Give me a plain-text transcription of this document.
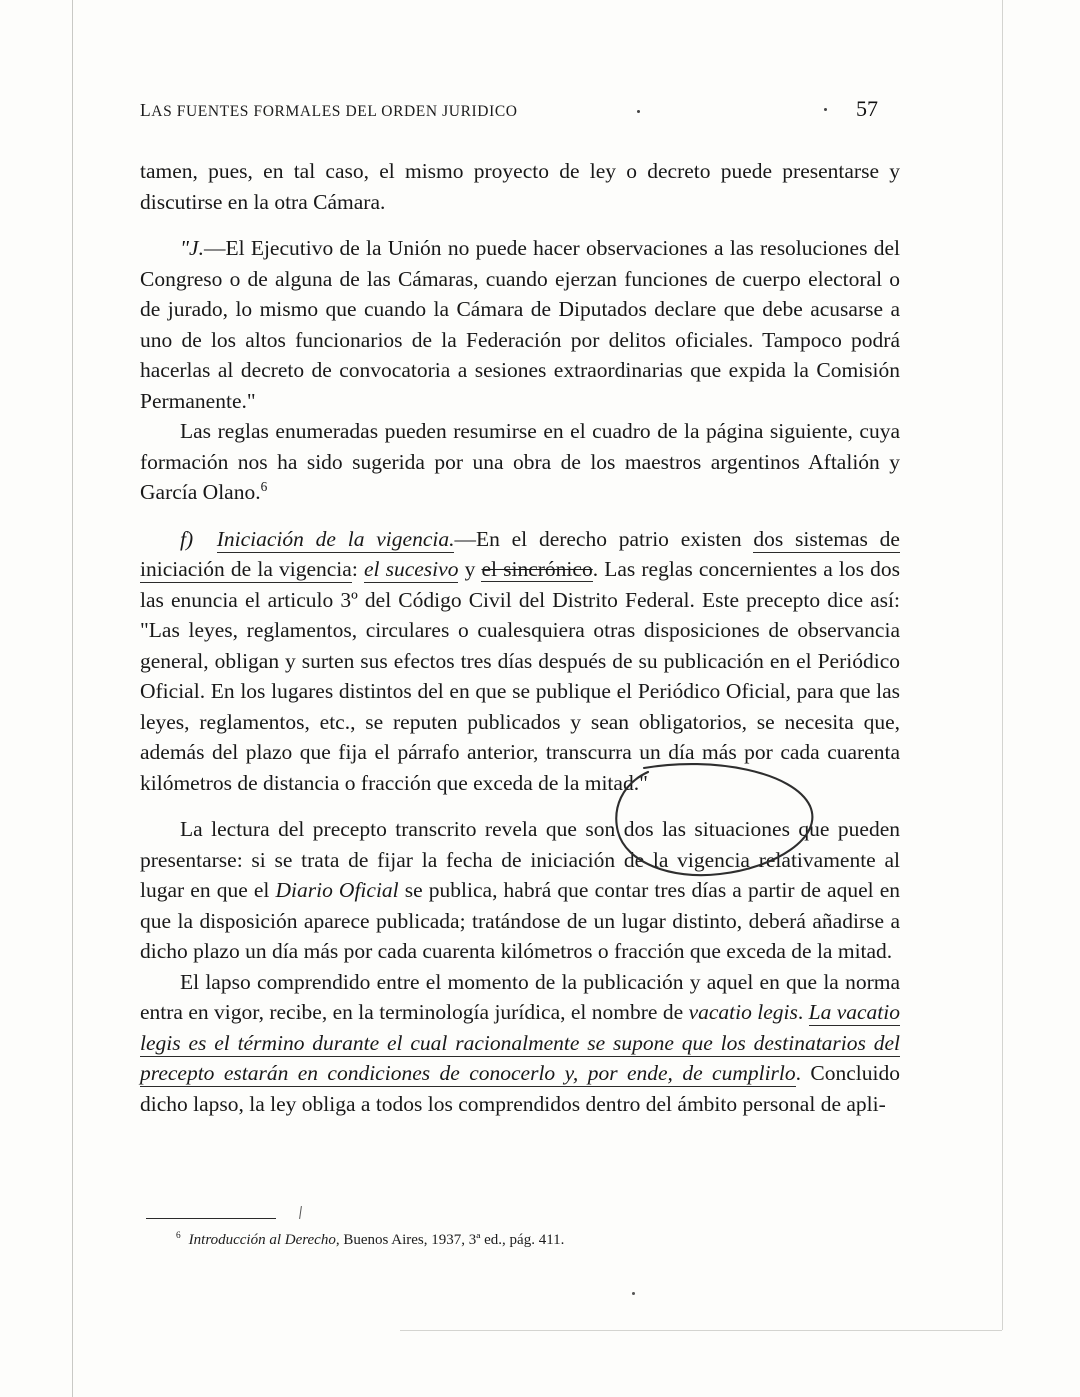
LAS FUENTES FORMALES DEL ORDEN JURIDICO	57

tamen, pues, en tal caso, el mismo proyecto de ley o decreto puede presentarse y discutirse en la otra Cámara.

"J.—El Ejecutivo de la Unión no puede hacer observaciones a las resoluciones del Congreso o de alguna de las Cámaras, cuando ejerzan funciones de cuerpo electoral o de jurado, lo mismo que cuando la Cámara de Diputados declare que debe acusarse a uno de los altos funcionarios de la Federación por delitos oficiales. Tampoco podrá hacerlas al decreto de convocatoria a sesiones extraordinarias que expida la Comisión Permanente."

Las reglas enumeradas pueden resumirse en el cuadro de la página siguiente, cuya formación nos ha sido sugerida por una obra de los maestros argentinos Aftalión y García Olano.$^6$

f) Iniciación de la vigencia.—En el derecho patrio existen dos sistemas de iniciación de la vigencia: el sucesivo y el sincrónico. Las reglas concernientes a los dos las enuncia el articulo 3º del Código Civil del Distrito Federal. Este precepto dice así: "Las leyes, reglamentos, circulares o cualesquiera otras disposiciones de observancia general, obligan y surten sus efectos tres días después de su publicación en el Periódico Oficial. En los lugares distintos del en que se publique el Periódico Oficial, para que las leyes, reglamentos, etc., se reputen publicados y sean obligatorios, se necesita que, además del plazo que fija el párrafo anterior, transcurra un día más por cada cuarenta kilómetros de distancia o fracción que exceda de la mitad."

La lectura del precepto transcrito revela que son dos las situaciones que pueden presentarse: si se trata de fijar la fecha de iniciación de la vigencia relativamente al lugar en que el Diario Oficial se publica, habrá que contar tres días a partir de aquel en que la disposición aparece publicada; tratándose de un lugar distinto, deberá añadirse a dicho plazo un día más por cada cuarenta kilómetros o fracción que exceda de la mitad.

El lapso comprendido entre el momento de la publicación y aquel en que la norma entra en vigor, recibe, en la terminología jurídica, el nombre de vacatio legis. La vacatio legis es el término durante el cual racionalmente se supone que los destinatarios del precepto estarán en condiciones de conocerlo y, por ende, de cumplirlo. Concluido dicho lapso, la ley obliga a todos los comprendidos dentro del ámbito personal de apli-

$^6$ Introducción al Derecho, Buenos Aires, 1937, 3ª ed., pág. 411.
